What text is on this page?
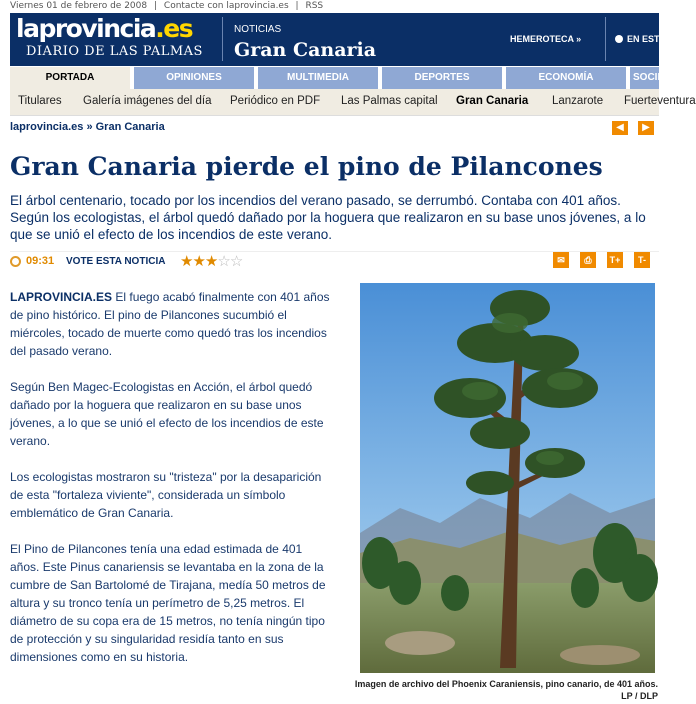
Viernes 01 de febrero de 2008 | Contacte con laprovincia.es | RSS
laprovincia.es
DIARIO DE LAS PALMAS
NOTICIAS
Gran Canaria	HEMEROTECA »	EN ESTE
PORTADA	OPINIONES	MULTIMEDIA	DEPORTES	ECONOMÍA	SOCIEDAD
Titulares Galería imágenes del día Periódico en PDF Las Palmas capital Gran Canaria Lanzarote Fuerteventura
laprovincia.es » Gran Canaria	◀	▶
Gran Canaria pierde el pino de Pilancones
El árbol centenario, tocado por los incendios del verano pasado, se derrumbó. Contaba con 401 años. Según los ecologistas, el árbol quedó dañado por la hoguera que realizaron en su base unos jóvenes, a lo que se unió el efecto de los incendios de este verano.
09:31 VOTE ESTA NOTICIA ★★★☆☆	✉	⎙	T+	T-

LAPROVINCIA.ES El fuego acabó finalmente con 401 años de pino histórico. El pino de Pilancones sucumbió el miércoles, tocado de muerte como quedó tras los incendios del pasado verano.

Según Ben Magec-Ecologistas en Acción, el árbol quedó dañado por la hoguera que realizaron en su base unos jóvenes, a lo que se unió el efecto de los incendios de este verano.

Los ecologistas mostraron su "tristeza" por la desaparición de esta "fortaleza viviente", considerada un símbolo emblemático de Gran Canaria.

El Pino de Pilancones tenía una edad estimada de 401 años. Este Pinus canariensis se levantaba en la zona de la cumbre de San Bartolomé de Tirajana, medía 50 metros de altura y su tronco tenía un perímetro de 5,25 metros. El diámetro de su copa era de 15 metros, no tenía ningún tipo de protección y su singularidad residía tanto en sus dimensiones como en su historia.

Imagen de archivo del Phoenix Caraniensis, pino canario, de 401 años. LP / DLP
